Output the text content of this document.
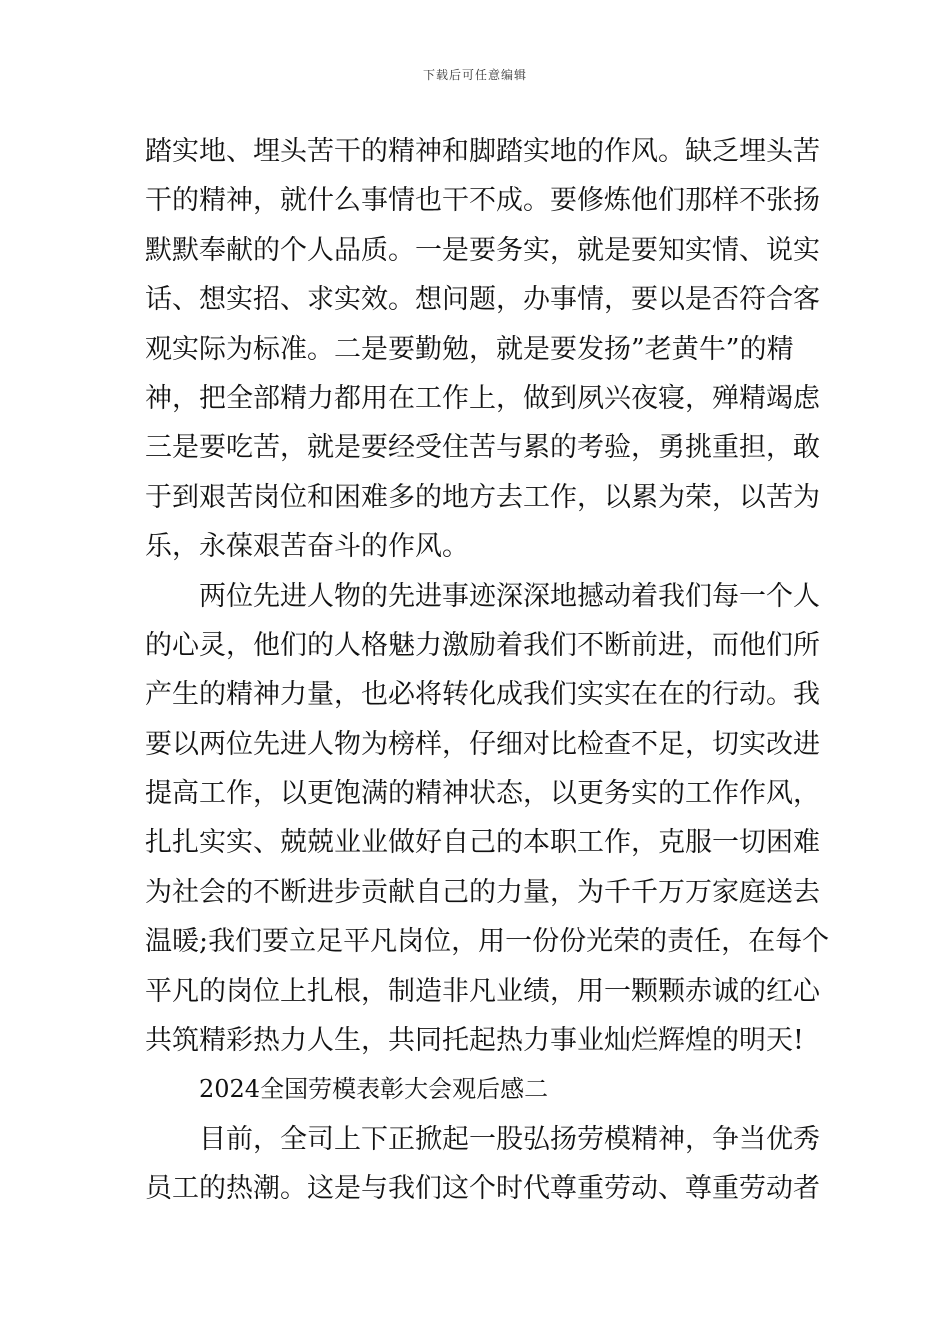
下载后可任意编辑
踏实地、埋头苦干的精神和脚踏实地的作风。缺乏埋头苦
干的精神，就什么事情也干不成。要修炼他们那样不张扬
默默奉献的个人品质。一是要务实，就是要知实情、说实
话、想实招、求实效。想问题，办事情，要以是否符合客
观实际为标准。二是要勤勉，就是要发扬”老黄牛”的精
神，把全部精力都用在工作上，做到夙兴夜寝，殚精竭虑
三是要吃苦，就是要经受住苦与累的考验，勇挑重担，敢
于到艰苦岗位和困难多的地方去工作，以累为荣，以苦为
乐，永葆艰苦奋斗的作风。
两位先进人物的先进事迹深深地撼动着我们每一个人
的心灵，他们的人格魅力激励着我们不断前进，而他们所
产生的精神力量，也必将转化成我们实实在在的行动。我
要以两位先进人物为榜样，仔细对比检查不足，切实改进
提高工作，以更饱满的精神状态，以更务实的工作作风，
扎扎实实、兢兢业业做好自己的本职工作，克服一切困难
为社会的不断进步贡献自己的力量，为千千万万家庭送去
温暖;我们要立足平凡岗位，用一份份光荣的责任，在每个
平凡的岗位上扎根，制造非凡业绩，用一颗颗赤诚的红心
共筑精彩热力人生，共同托起热力事业灿烂辉煌的明天!
2024全国劳模表彰大会观后感二
目前，全司上下正掀起一股弘扬劳模精神，争当优秀
员工的热潮。这是与我们这个时代尊重劳动、尊重劳动者
